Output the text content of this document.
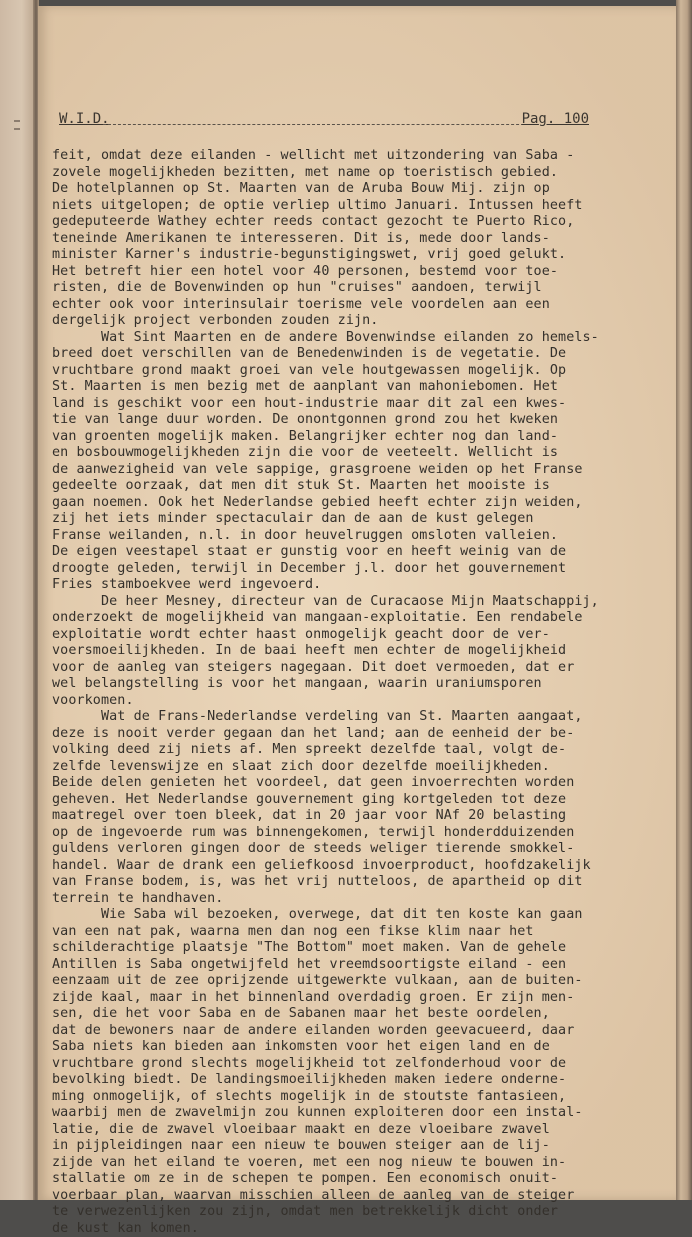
W.I.D.	Pag. 100
feit, omdat deze eilanden - wellicht met uitzondering van Saba -
zovele mogelijkheden bezitten, met name op toeristisch gebied.
De hotelplannen op St. Maarten van de Aruba Bouw Mij. zijn op
niets uitgelopen; de optie verliep ultimo Januari. Intussen heeft
gedeputeerde Wathey echter reeds contact gezocht te Puerto Rico,
teneinde Amerikanen te interesseren. Dit is, mede door lands-
minister Karner's industrie-begunstigingswet, vrij goed gelukt.
Het betreft hier een hotel voor 40 personen, bestemd voor toe-
risten, die de Bovenwinden op hun "cruises" aandoen, terwijl
echter ook voor interinsulair toerisme vele voordelen aan een
dergelijk project verbonden zouden zijn.
Wat Sint Maarten en de andere Bovenwindse eilanden zo hemels-
breed doet verschillen van de Benedenwinden is de vegetatie. De
vruchtbare grond maakt groei van vele houtgewassen mogelijk. Op
St. Maarten is men bezig met de aanplant van mahoniebomen. Het
land is geschikt voor een hout-industrie maar dit zal een kwes-
tie van lange duur worden. De onontgonnen grond zou het kweken
van groenten mogelijk maken. Belangrijker echter nog dan land-
en bosbouwmogelijkheden zijn die voor de veeteelt. Wellicht is
de aanwezigheid van vele sappige, grasgroene weiden op het Franse
gedeelte oorzaak, dat men dit stuk St. Maarten het mooiste is
gaan noemen. Ook het Nederlandse gebied heeft echter zijn weiden,
zij het iets minder spectaculair dan de aan de kust gelegen
Franse weilanden, n.l. in door heuvelruggen omsloten valleien.
De eigen veestapel staat er gunstig voor en heeft weinig van de
droogte geleden, terwijl in December j.l. door het gouvernement
Fries stamboekvee werd ingevoerd.
De heer Mesney, directeur van de Curacaose Mijn Maatschappij,
onderzoekt de mogelijkheid van mangaan-exploitatie. Een rendabele
exploitatie wordt echter haast onmogelijk geacht door de ver-
voersmoeilijkheden. In de baai heeft men echter de mogelijkheid
voor de aanleg van steigers nagegaan. Dit doet vermoeden, dat er
wel belangstelling is voor het mangaan, waarin uraniumsporen
voorkomen.
Wat de Frans-Nederlandse verdeling van St. Maarten aangaat,
deze is nooit verder gegaan dan het land; aan de eenheid der be-
volking deed zij niets af. Men spreekt dezelfde taal, volgt de-
zelfde levenswijze en slaat zich door dezelfde moeilijkheden.
Beide delen genieten het voordeel, dat geen invoerrechten worden
geheven. Het Nederlandse gouvernement ging kortgeleden tot deze
maatregel over toen bleek, dat in 20 jaar voor NAf 20 belasting
op de ingevoerde rum was binnengekomen, terwijl honderdduizenden
guldens verloren gingen door de steeds weliger tierende smokkel-
handel. Waar de drank een geliefkoosd invoerproduct, hoofdzakelijk
van Franse bodem, is, was het vrij nutteloos, de apartheid op dit
terrein te handhaven.
Wie Saba wil bezoeken, overwege, dat dit ten koste kan gaan
van een nat pak, waarna men dan nog een fikse klim naar het
schilderachtige plaatsje "The Bottom" moet maken. Van de gehele
Antillen is Saba ongetwijfeld het vreemdsoortigste eiland - een
eenzaam uit de zee oprijzende uitgewerkte vulkaan, aan de buiten-
zijde kaal, maar in het binnenland overdadig groen. Er zijn men-
sen, die het voor Saba en de Sabanen maar het beste oordelen,
dat de bewoners naar de andere eilanden worden geevacueerd, daar
Saba niets kan bieden aan inkomsten voor het eigen land en de
vruchtbare grond slechts mogelijkheid tot zelfonderhoud voor de
bevolking biedt. De landingsmoeilijkheden maken iedere onderne-
ming onmogelijk, of slechts mogelijk in de stoutste fantasieen,
waarbij men de zwavelmijn zou kunnen exploiteren door een instal-
latie, die de zwavel vloeibaar maakt en deze vloeibare zwavel
in pijpleidingen naar een nieuw te bouwen steiger aan de lij-
zijde van het eiland te voeren, met een nog nieuw te bouwen in-
stallatie om ze in de schepen te pompen. Een economisch onuit-
voerbaar plan, waarvan misschien alleen de aanleg van de steiger
te verwezenlijken zou zijn, omdat men betrekkelijk dicht onder
de kust kan komen.
